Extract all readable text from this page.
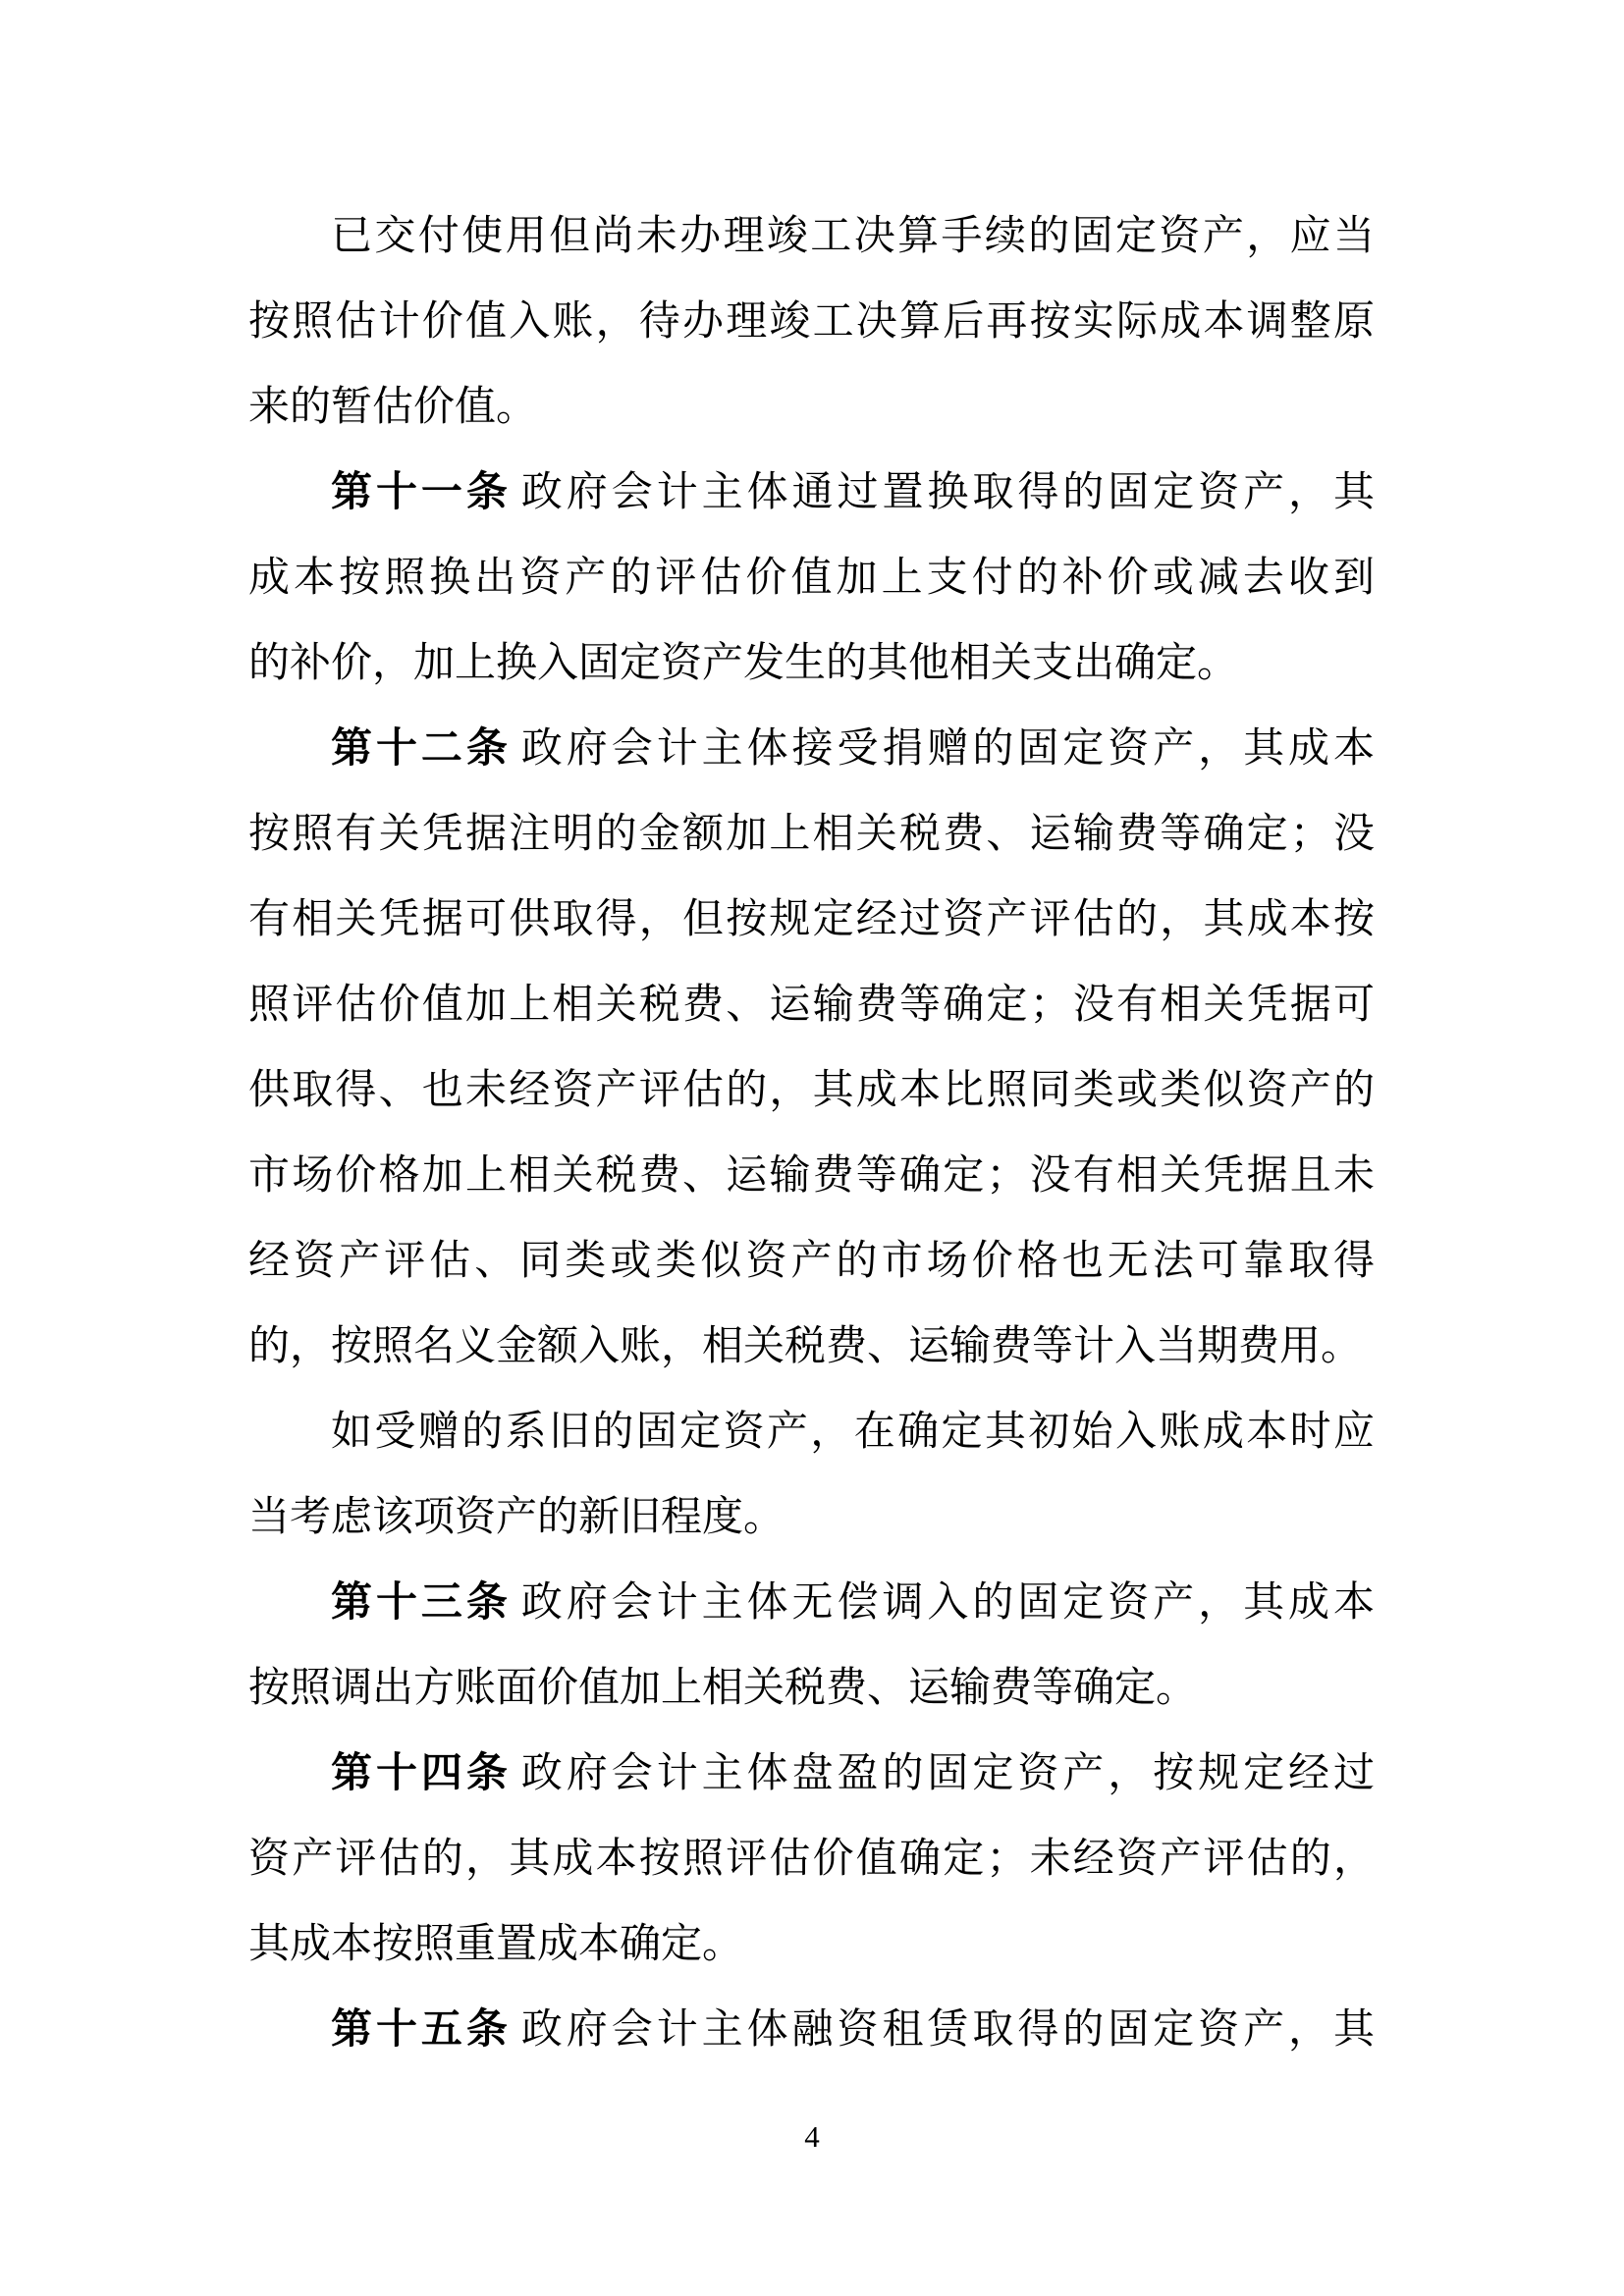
已交付使用但尚未办理竣工决算手续的固定资产，应当
按照估计价值入账，待办理竣工决算后再按实际成本调整原
来的暂估价值。
第十一条 政府会计主体通过置换取得的固定资产，其
成本按照换出资产的评估价值加上支付的补价或减去收到
的补价，加上换入固定资产发生的其他相关支出确定。
第十二条 政府会计主体接受捐赠的固定资产，其成本
按照有关凭据注明的金额加上相关税费、运输费等确定；没
有相关凭据可供取得，但按规定经过资产评估的，其成本按
照评估价值加上相关税费、运输费等确定；没有相关凭据可
供取得、也未经资产评估的，其成本比照同类或类似资产的
市场价格加上相关税费、运输费等确定；没有相关凭据且未
经资产评估、同类或类似资产的市场价格也无法可靠取得
的，按照名义金额入账，相关税费、运输费等计入当期费用。
如受赠的系旧的固定资产，在确定其初始入账成本时应
当考虑该项资产的新旧程度。
第十三条 政府会计主体无偿调入的固定资产，其成本
按照调出方账面价值加上相关税费、运输费等确定。
第十四条 政府会计主体盘盈的固定资产，按规定经过
资产评估的，其成本按照评估价值确定；未经资产评估的，
其成本按照重置成本确定。
第十五条 政府会计主体融资租赁取得的固定资产，其
4
